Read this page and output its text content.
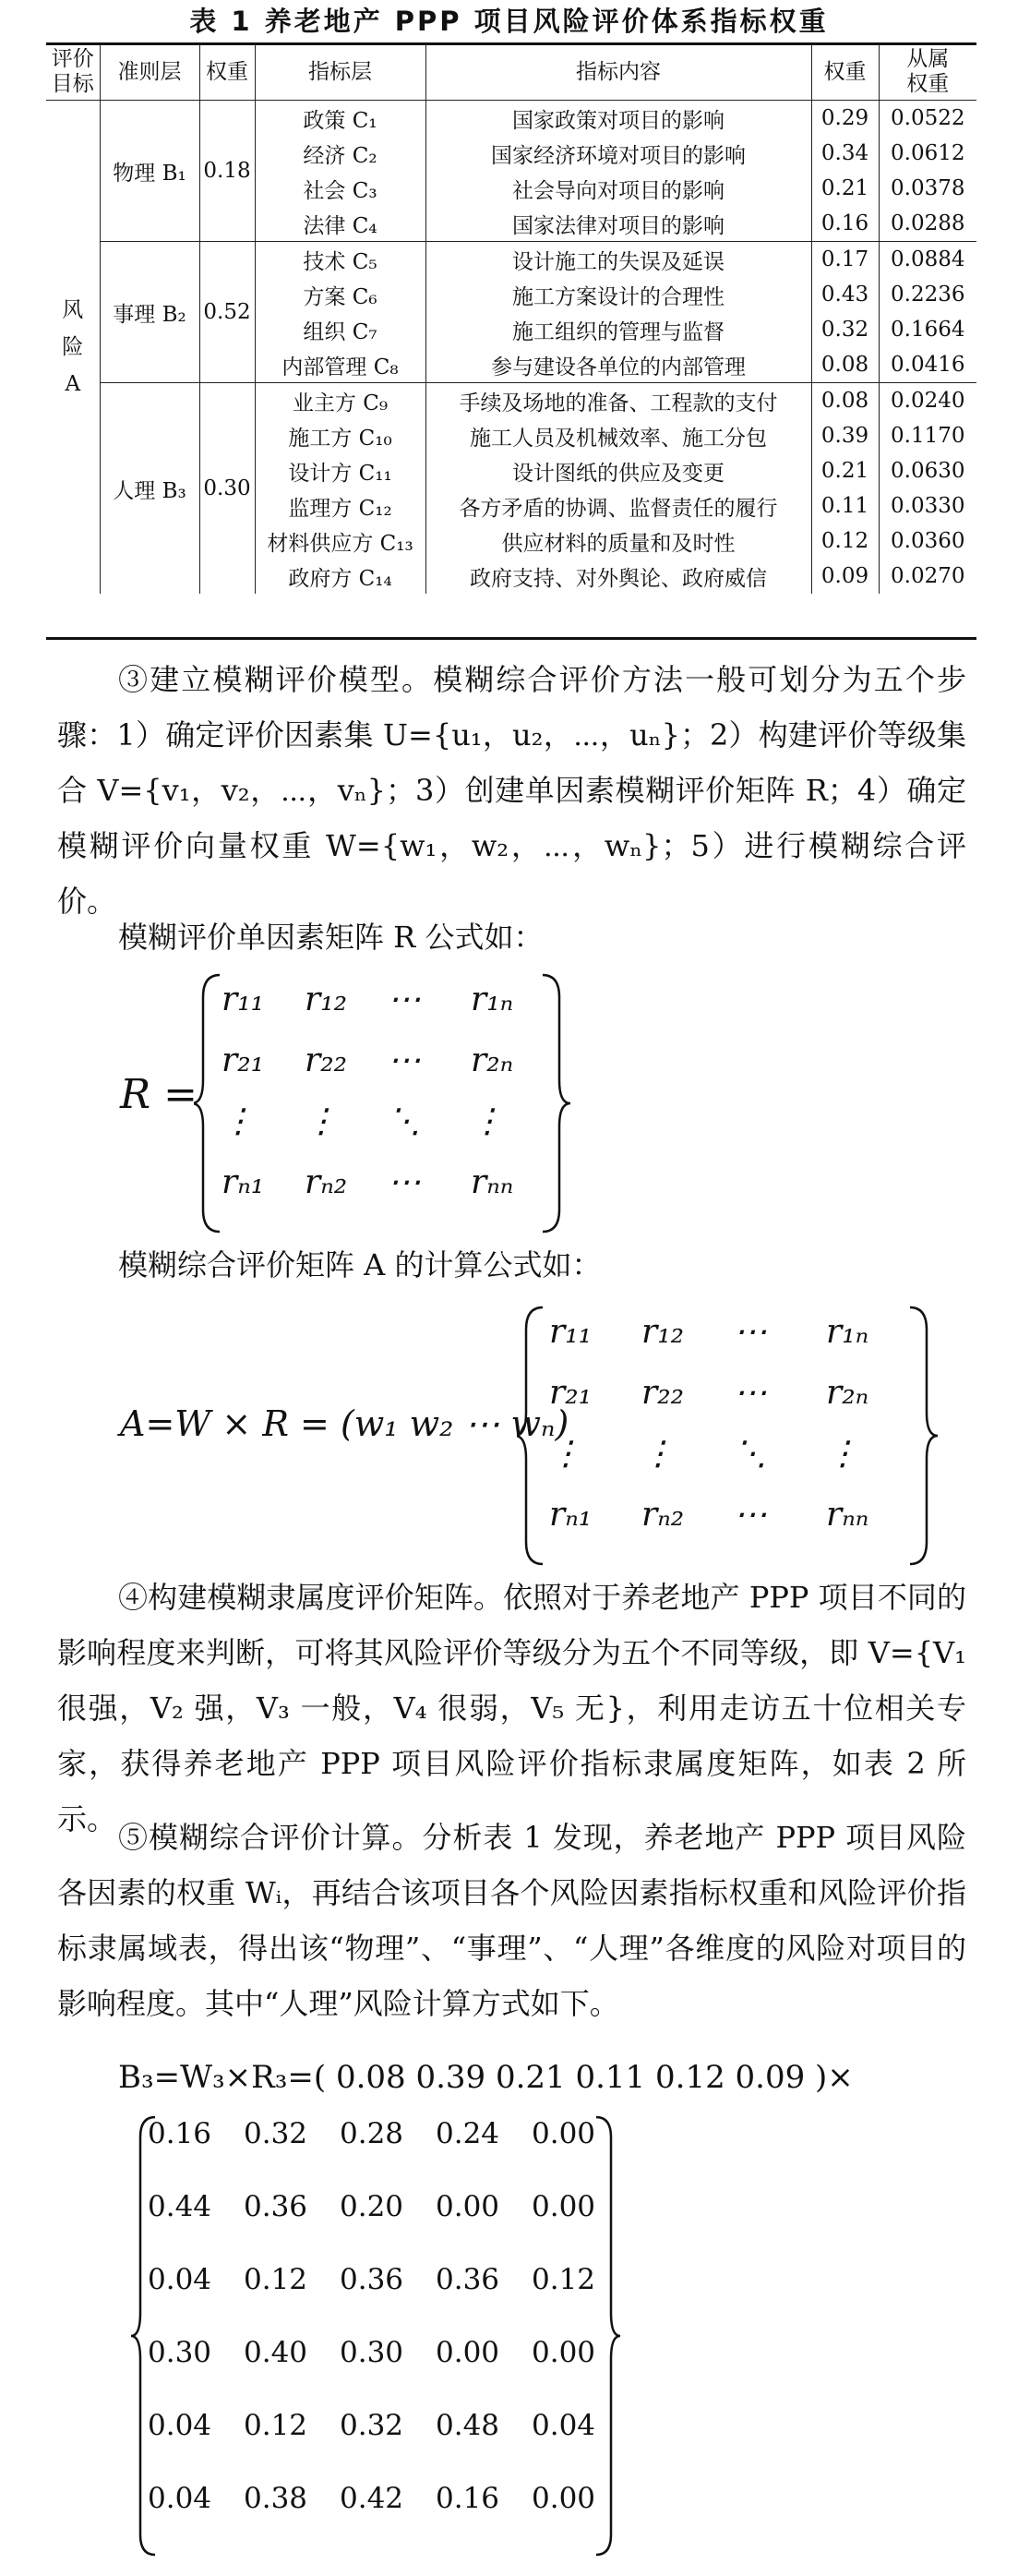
表 1 养老地产 PPP 项目风险评价体系指标权重
评价目标	准则层	权重	指标层	指标内容	权重	从属权重
风险 A	物理 B₁	0.18	政策 C₁	国家政策对项目的影响	0.29	0.0522
			经济 C₂	国家经济环境对项目的影响	0.34	0.0612
			社会 C₃	社会导向对项目的影响	0.21	0.0378
			法律 C₄	国家法律对项目的影响	0.16	0.0288
	事理 B₂	0.52	技术 C₅	设计施工的失误及延误	0.17	0.0884
			方案 C₆	施工方案设计的合理性	0.43	0.2236
			组织 C₇	施工组织的管理与监督	0.32	0.1664
			内部管理 C₈	参与建设各单位的内部管理	0.08	0.0416
	人理 B₃	0.30	业主方 C₉	手续及场地的准备、工程款的支付	0.08	0.0240
			施工方 C₁₀	施工人员及机械效率、施工分包	0.39	0.1170
			设计方 C₁₁	设计图纸的供应及变更	0.21	0.0630
			监理方 C₁₂	各方矛盾的协调、监督责任的履行	0.11	0.0330
			材料供应方 C₁₃	供应材料的质量和及时性	0.12	0.0360
			政府方 C₁₄	政府支持、对外舆论、政府威信	0.09	0.0270

③建立模糊评价模型。模糊综合评价方法一般可划分为五个步骤：1）确定评价因素集 U={u₁，u₂，⋯，uₙ}；2）构建评价等级集合 V={v₁，v₂，⋯，vₙ}；3）创建单因素模糊评价矩阵 R；4）确定模糊评价向量权重 W={w₁，w₂，⋯，wₙ}；5）进行模糊综合评价。

模糊评价单因素矩阵 R 公式如：

R =
r₁₁	r₁₂	⋯	r₁ₙ
r₂₁	r₂₂	⋯	r₂ₙ
⋮	⋮	⋱	⋮
rₙ₁	rₙ₂	⋯	rₙₙ

模糊综合评价矩阵 A 的计算公式如：

A=W × R = (w₁ w₂ ⋯ wₙ)
r₁₁	r₁₂	⋯	r₁ₙ
r₂₁	r₂₂	⋯	r₂ₙ
⋮	⋮	⋱	⋮
rₙ₁	rₙ₂	⋯	rₙₙ

④构建模糊隶属度评价矩阵。依照对于养老地产 PPP 项目不同的影响程度来判断，可将其风险评价等级分为五个不同等级，即 V={V₁ 很强，V₂ 强，V₃ 一般，V₄ 很弱，V₅ 无}，利用走访五十位相关专家，获得养老地产 PPP 项目风险评价指标隶属度矩阵，如表 2 所示。

⑤模糊综合评价计算。分析表 1 发现，养老地产 PPP 项目风险各因素的权重 Wᵢ，再结合该项目各个风险因素指标权重和风险评价指标隶属域表，得出该“物理”、“事理”、“人理”各维度的风险对项目的影响程度。其中“人理”风险计算方式如下。

B₃=W₃×R₃=( 0.08 0.39 0.21 0.11 0.12 0.09 )×

0.16	0.32	0.28	0.24	0.00
0.44	0.36	0.20	0.00	0.00
0.04	0.12	0.36	0.36	0.12
0.30	0.40	0.30	0.00	0.00
0.04	0.12	0.32	0.48	0.04
0.04	0.38	0.42	0.16	0.00
